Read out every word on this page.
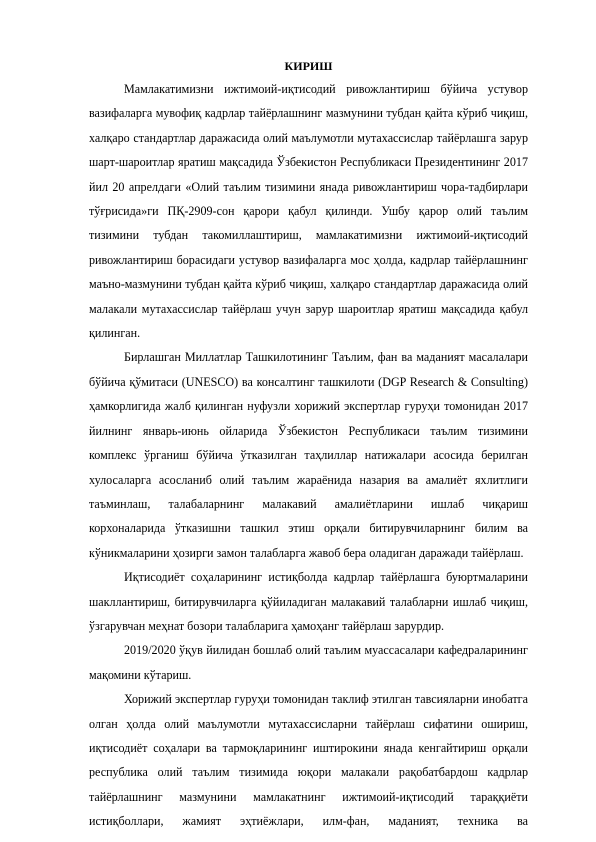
КИРИШ

Мамлакатимизни ижтимоий-иқтисодий ривожлантириш бўйича устувор вазифаларга мувофиқ кадрлар тайёрлашнинг мазмунини тубдан қайта кўриб чиқиш, халқаро стандартлар даражасида олий маълумотли мутахассислар тайёрлашга зарур шарт-шароитлар яратиш мақсадида Ўзбекистон Республикаси Президентининг 2017 йил 20 апрелдаги «Олий таълим тизимини янада ривожлантириш чора-тадбирлари тўғрисида»ги ПҚ-2909-сон қарори қабул қилинди. Ушбу қарор олий таълим тизимини тубдан такомиллаштириш, мамлакатимизни ижтимоий-иқтисодий ривожлантириш борасидаги устувор вазифаларга мос ҳолда, кадрлар тайёрлашнинг маъно-мазмунини тубдан қайта кўриб чиқиш, халқаро стандартлар даражасида олий малакали мутахассислар тайёрлаш учун зарур шароитлар яратиш мақсадида қабул қилинган.

Бирлашган Миллатлар Ташкилотининг Таълим, фан ва маданият масалалари бўйича қўмитаси (UNESCO) ва консалтинг ташкилоти (DGP Research & Consulting) ҳамкорлигида жалб қилинган нуфузли хорижий экспертлар гуруҳи томонидан 2017 йилнинг январь-июнь ойларида Ўзбекистон Республикаси таълим тизимини комплекс ўрганиш бўйича ўтказилган таҳлиллар натижалари асосида берилган хулосаларга асосланиб олий таълим жараёнида назария ва амалиёт яхлитлиги таъминлаш, талабаларнинг малакавий амалиётларини ишлаб чиқариш корхоналарида ўтказишни ташкил этиш орқали битирувчиларнинг билим ва кўникмаларини ҳозирги замон талабларга жавоб бера оладиган даражади тайёрлаш.

Иқтисодиёт соҳаларининг истиқболда кадрлар тайёрлашга буюртмаларини шакллантириш, битирувчиларга қўйиладиган малакавий талабларни ишлаб чиқиш, ўзгарувчан меҳнат бозори талабларига ҳамоҳанг тайёрлаш зарурдир.

2019/2020 ўқув йилидан бошлаб олий таълим муассасалари кафедраларининг мақомини кўтариш.

Хорижий экспертлар гуруҳи томонидан таклиф этилган тавсияларни инобатга олган ҳолда олий маълумотли мутахассисларни тайёрлаш сифатини ошириш, иқтисодиёт соҳалари ва тармоқларининг иштирокини янада кенгайтириш орқали республика олий таълим тизимида юқори малакали рақобатбардош кадрлар тайёрлашнинг мазмунини мамлакатнинг ижтимоий-иқтисодий тараққиёти истиқболлари, жамият эҳтиёжлари, илм-фан, маданият, техника ва
